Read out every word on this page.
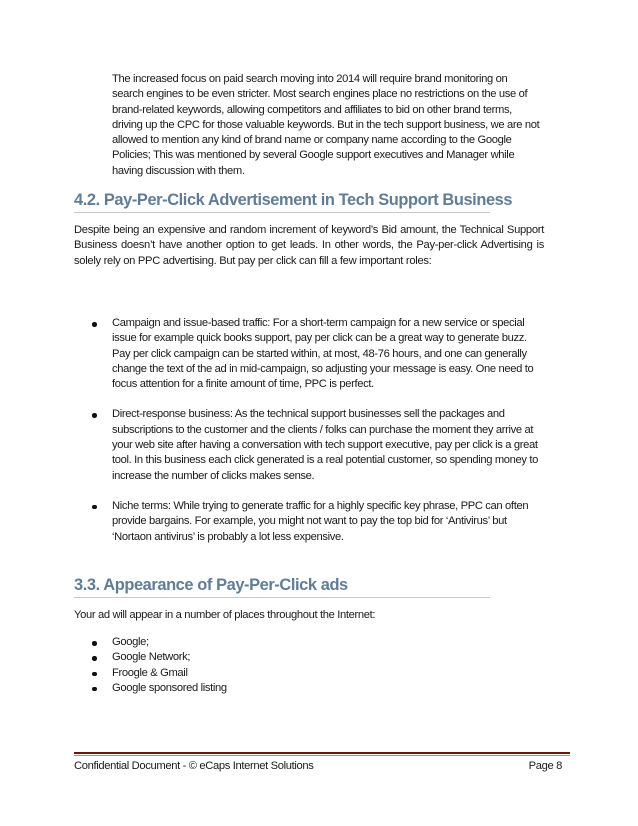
The increased focus on paid search moving into 2014 will require brand monitoring on search engines to be even stricter. Most search engines place no restrictions on the use of brand-related keywords, allowing competitors and affiliates to bid on other brand terms, driving up the CPC for those valuable keywords. But in the tech support business, we are not allowed to mention any kind of brand name or company name according to the Google Policies; This was mentioned by several Google support executives and Manager while having discussion with them.

4.2. Pay-Per-Click Advertisement in Tech Support Business

Despite being an expensive and random increment of keyword’s Bid amount, the Technical Support Business doesn’t have another option to get leads. In other words, the Pay-per-click Advertising is solely rely on PPC advertising. But pay per click can fill a few important roles:

Campaign and issue-based traffic: For a short-term campaign for a new service or special issue for example quick books support, pay per click can be a great way to generate buzz. Pay per click campaign can be started within, at most, 48-76 hours, and one can generally change the text of the ad in mid-campaign, so adjusting your message is easy. One need to focus attention for a finite amount of time, PPC is perfect.
Direct-response business: As the technical support businesses sell the packages and subscriptions to the customer and the clients / folks can purchase the moment they arrive at your web site after having a conversation with tech support executive, pay per click is a great tool. In this business each click generated is a real potential customer, so spending money to increase the number of clicks makes sense.
Niche terms: While trying to generate traffic for a highly specific key phrase, PPC can often provide bargains. For example, you might not want to pay the top bid for ‘Antivirus’ but ‘Nortaon antivirus’ is probably a lot less expensive.
3.3. Appearance of Pay-Per-Click ads

Your ad will appear in a number of places throughout the Internet:

Google;
Google Network;
Froogle & Gmail
Google sponsored listing
Confidential Document - © eCaps Internet Solutions	Page 8
